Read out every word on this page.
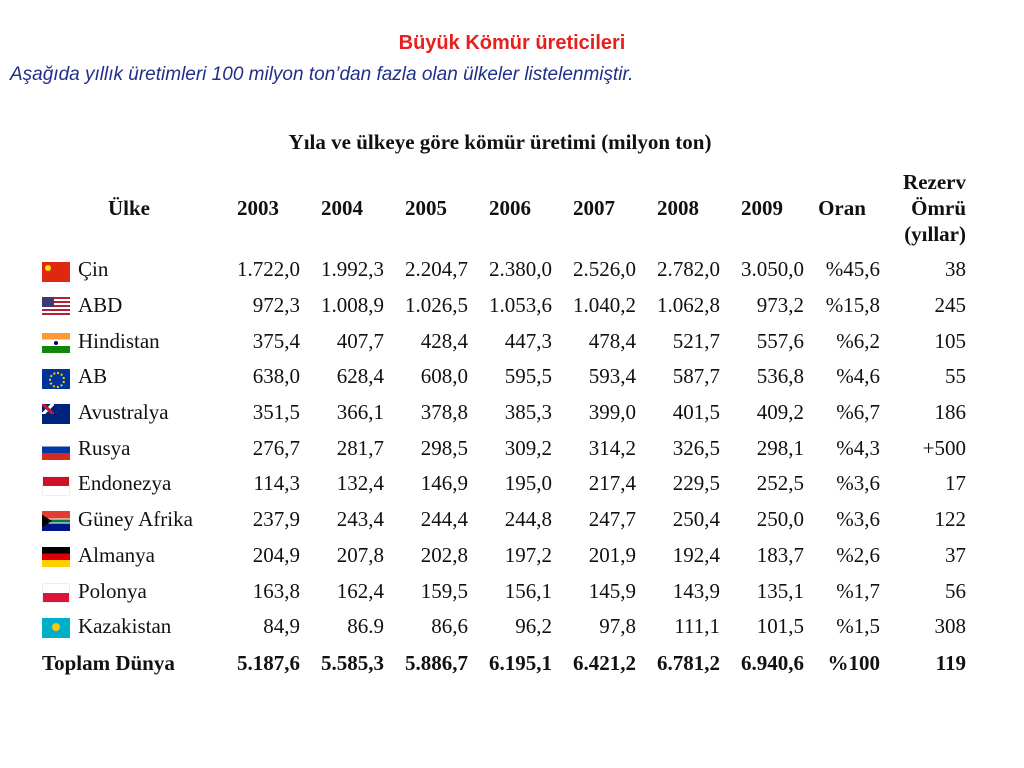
Büyük Kömür üreticileri
Aşağıda yıllık üretimleri 100 milyon ton’dan fazla olan ülkeler listelenmiştir.
Yıla ve ülkeye göre kömür üretimi (milyon ton)
Ülke	2003	2004	2005	2006	2007	2008	2009	Oran	Rezerv
Ömrü
(yıllar)
Çin	1.722,0	1.992,3	2.204,7	2.380,0	2.526,0	2.782,0	3.050,0	%45,6	38
ABD	972,3	1.008,9	1.026,5	1.053,6	1.040,2	1.062,8	973,2	%15,8	245
Hindistan	375,4	407,7	428,4	447,3	478,4	521,7	557,6	%6,2	105
AB	638,0	628,4	608,0	595,5	593,4	587,7	536,8	%4,6	55
Avustralya	351,5	366,1	378,8	385,3	399,0	401,5	409,2	%6,7	186
Rusya	276,7	281,7	298,5	309,2	314,2	326,5	298,1	%4,3	+500
Endonezya	114,3	132,4	146,9	195,0	217,4	229,5	252,5	%3,6	17
Güney Afrika	237,9	243,4	244,4	244,8	247,7	250,4	250,0	%3,6	122
Almanya	204,9	207,8	202,8	197,2	201,9	192,4	183,7	%2,6	37
Polonya	163,8	162,4	159,5	156,1	145,9	143,9	135,1	%1,7	56
Kazakistan	84,9	86.9	86,6	96,2	97,8	111,1	101,5	%1,5	308
Toplam Dünya	5.187,6	5.585,3	5.886,7	6.195,1	6.421,2	6.781,2	6.940,6	%100	119
